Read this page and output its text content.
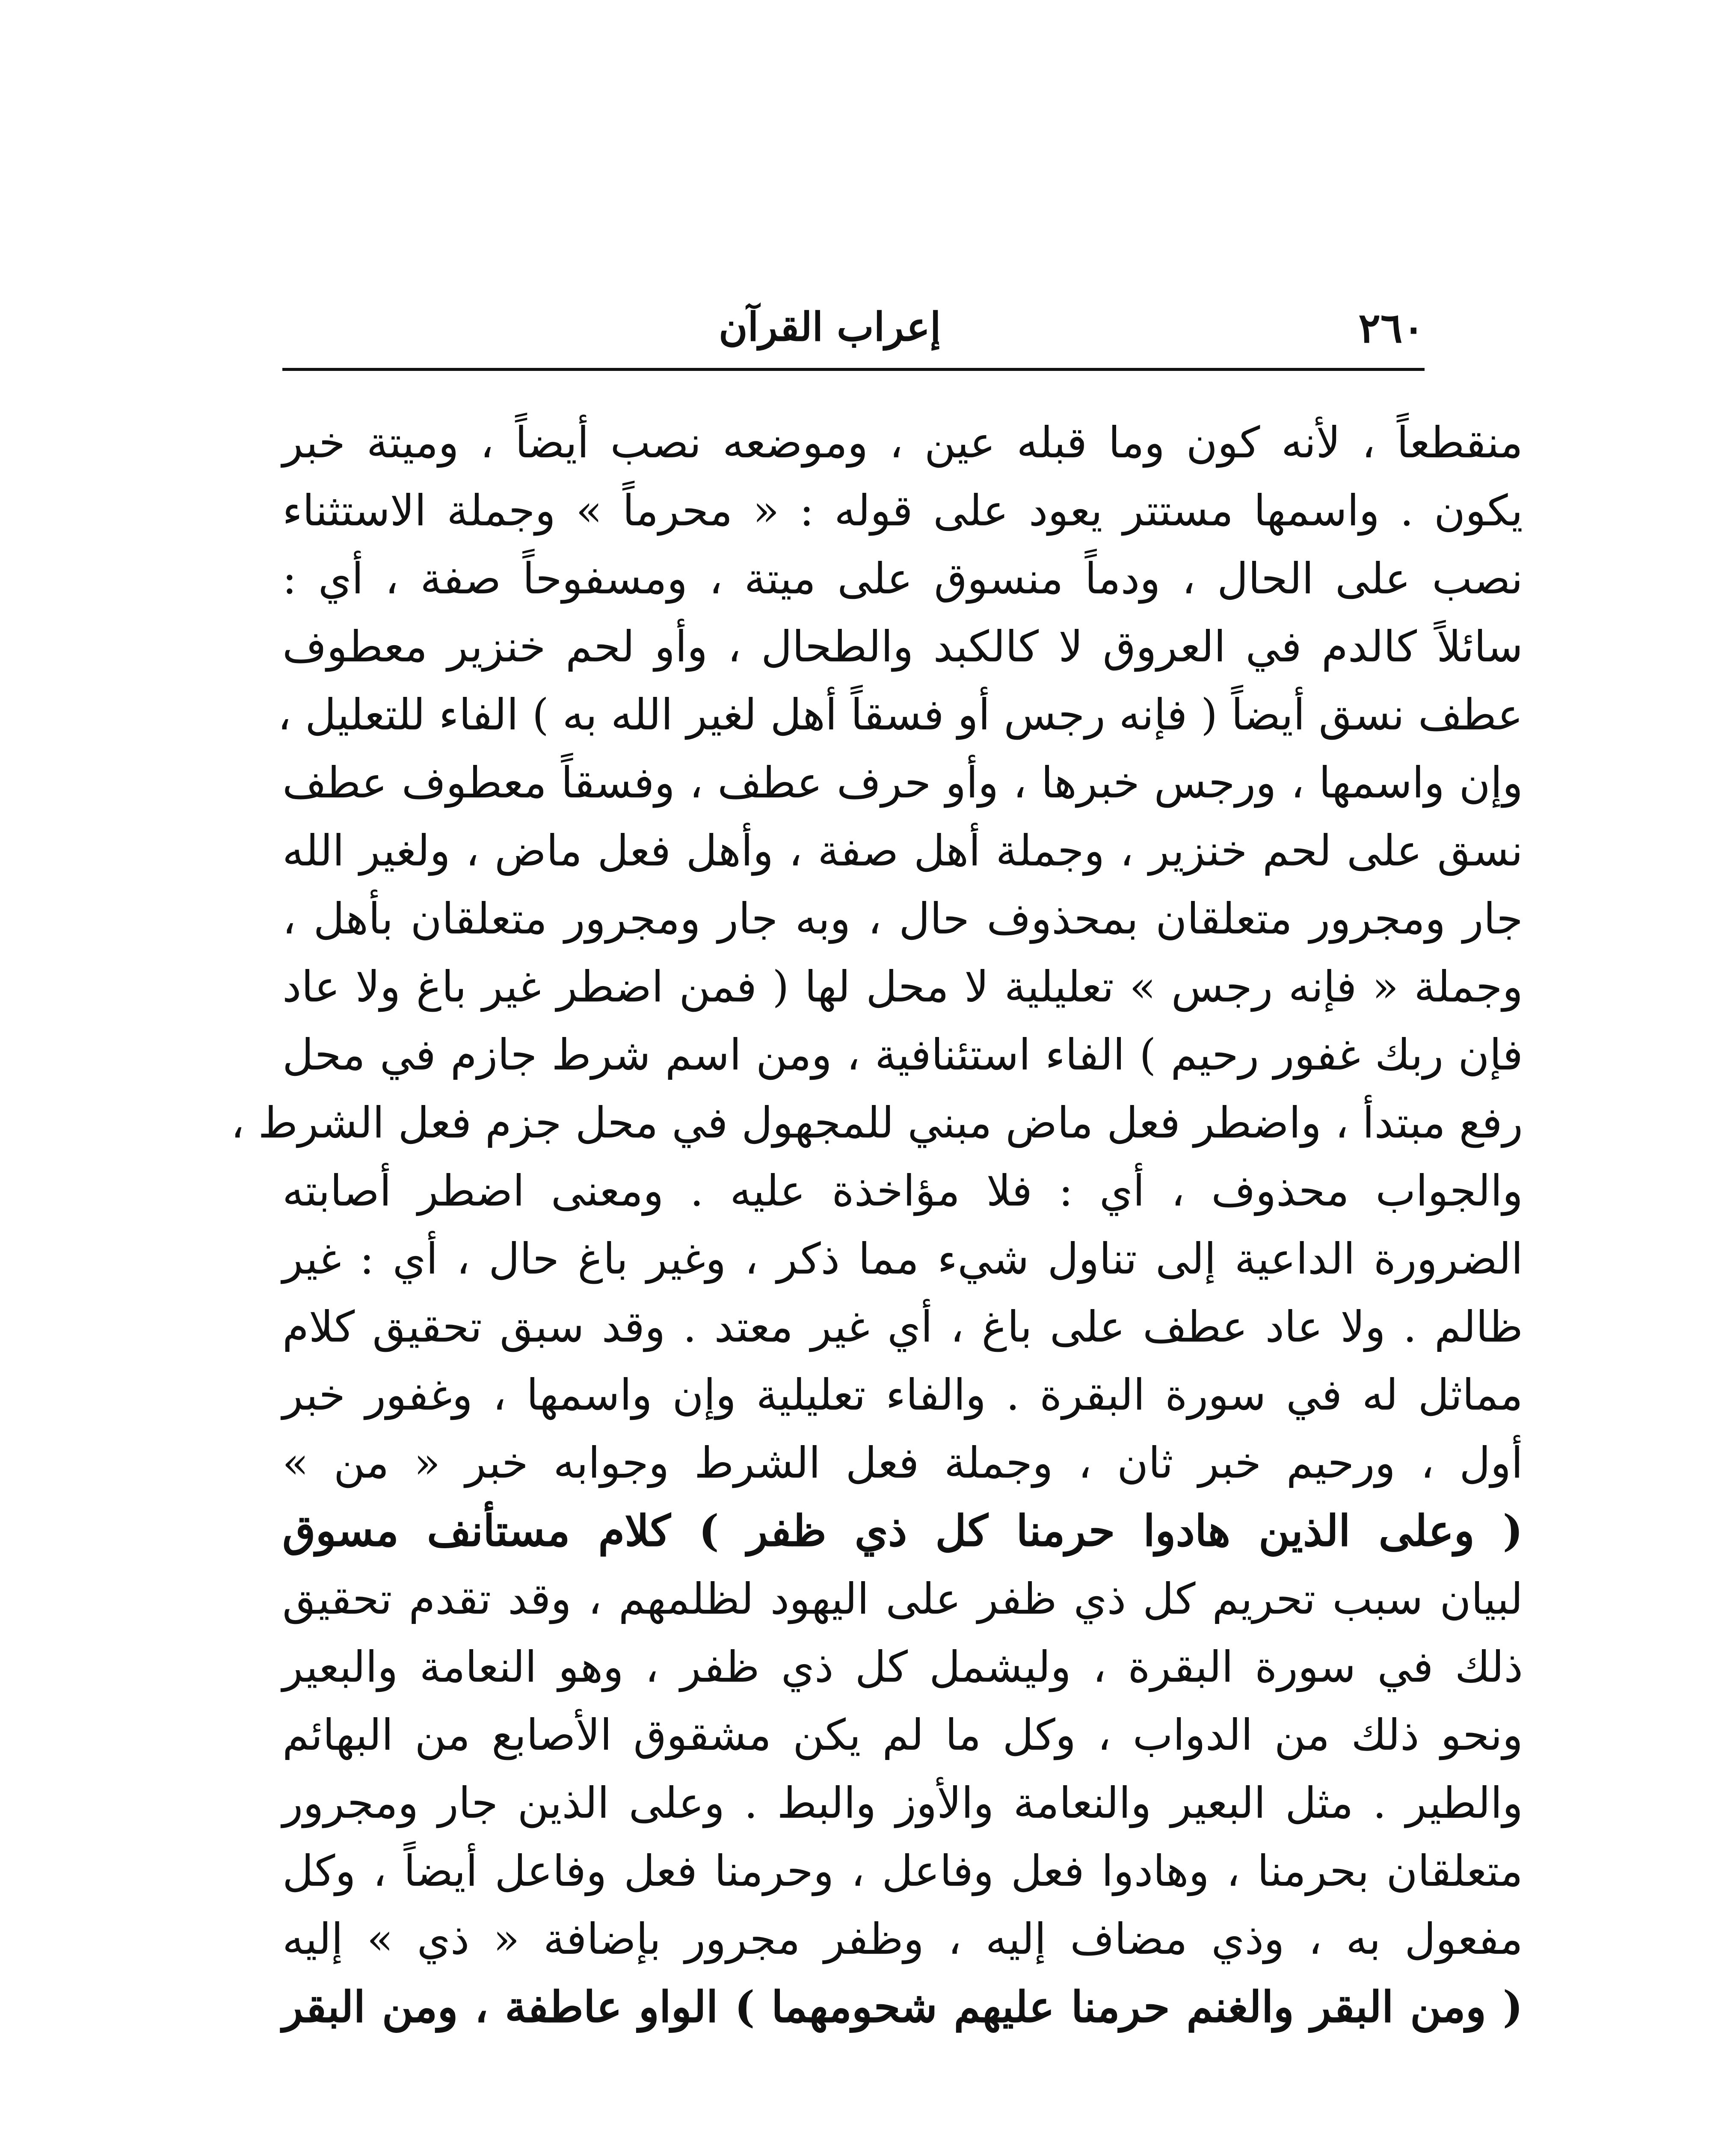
إعراب القرآن	٢٦٠
منقطعاً ، لأنه كون وما قبله عين ، وموضعه نصب أيضاً ، وميتة خبر
يكون . واسمها مستتر يعود على قوله : « محرماً » وجملة الاستثناء
نصب على الحال ، ودماً منسوق على ميتة ، ومسفوحاً صفة ، أي :
سائلاً كالدم في العروق لا كالكبد والطحال ، وأو لحم خنزير معطوف
عطف نسق أيضاً ( فإنه رجس أو فسقاً أهل لغير الله به ) الفاء للتعليل ،
وإن واسمها ، ورجس خبرها ، وأو حرف عطف ، وفسقاً معطوف عطف
نسق على لحم خنزير ، وجملة أهل صفة ، وأهل فعل ماض ، ولغير الله
جار ومجرور متعلقان بمحذوف حال ، وبه جار ومجرور متعلقان بأهل ،
وجملة « فإنه رجس » تعليلية لا محل لها ( فمن اضطر غير باغ ولا عاد
فإن ربك غفور رحيم ) الفاء استئنافية ، ومن اسم شرط جازم في محل
رفع مبتدأ ، واضطر فعل ماض مبني للمجهول في محل جزم فعل الشرط ،
والجواب محذوف ، أي : فلا مؤاخذة عليه . ومعنى اضطر أصابته
الضرورة الداعية إلى تناول شيء مما ذكر ، وغير باغ حال ، أي : غير
ظالم . ولا عاد عطف على باغ ، أي غير معتد . وقد سبق تحقيق كلام
مماثل له في سورة البقرة . والفاء تعليلية وإن واسمها ، وغفور خبر
أول ، ورحيم خبر ثان ، وجملة فعل الشرط وجوابه خبر « من »
( وعلى الذين هادوا حرمنا كل ذي ظفر ) كلام مستأنف مسوق
لبيان سبب تحريم كل ذي ظفر على اليهود لظلمهم ، وقد تقدم تحقيق
ذلك في سورة البقرة ، وليشمل كل ذي ظفر ، وهو النعامة والبعير
ونحو ذلك من الدواب ، وكل ما لم يكن مشقوق الأصابع من البهائم
والطير . مثل البعير والنعامة والأوز والبط . وعلى الذين جار ومجرور
متعلقان بحرمنا ، وهادوا فعل وفاعل ، وحرمنا فعل وفاعل أيضاً ، وكل
مفعول به ، وذي مضاف إليه ، وظفر مجرور بإضافة « ذي » إليه
( ومن البقر والغنم حرمنا عليهم شحومهما ) الواو عاطفة ، ومن البقر
